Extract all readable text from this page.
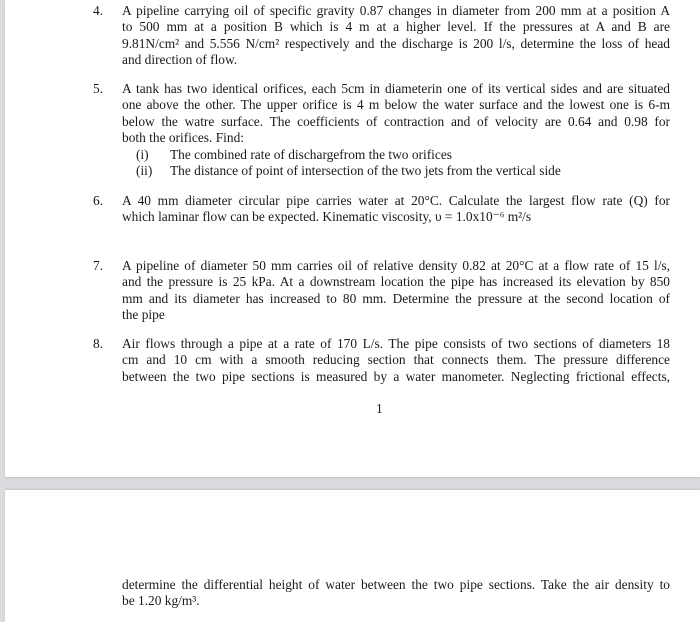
4. A pipeline carrying oil of specific gravity 0.87 changes in diameter from 200 mm at a position A
to 500 mm at a position B which is 4 m at a higher level. If the pressures at A and B are
9.81N/cm² and 5.556 N/cm² respectively and the discharge is 200 l/s, determine the loss of head
and direction of flow.
5. A tank has two identical orifices, each 5cm in diameterin one of its vertical sides and are situated
one above the other. The upper orifice is 4 m below the water surface and the lowest one is 6-m
below the watre surface. The coefficients of contraction and of velocity are 0.64 and 0.98 for
both the orifices. Find:
(i) The combined rate of dischargefrom the two orifices
(ii) The distance of point of intersection of the two jets from the vertical side
6. A 40 mm diameter circular pipe carries water at 20°C. Calculate the largest flow rate (Q) for
which laminar flow can be expected. Kinematic viscosity, υ = 1.0x10⁻⁶ m²/s
7. A pipeline of diameter 50 mm carries oil of relative density 0.82 at 20°C at a flow rate of 15 l/s,
and the pressure is 25 kPa. At a downstream location the pipe has increased its elevation by 850
mm and its diameter has increased to 80 mm. Determine the pressure at the second location of
the pipe
8. Air flows through a pipe at a rate of 170 L/s. The pipe consists of two sections of diameters 18
cm and 10 cm with a smooth reducing section that connects them. The pressure difference
between the two pipe sections is measured by a water manometer. Neglecting frictional effects,
1
determine the differential height of water between the two pipe sections. Take the air density to
be 1.20 kg/m³.
